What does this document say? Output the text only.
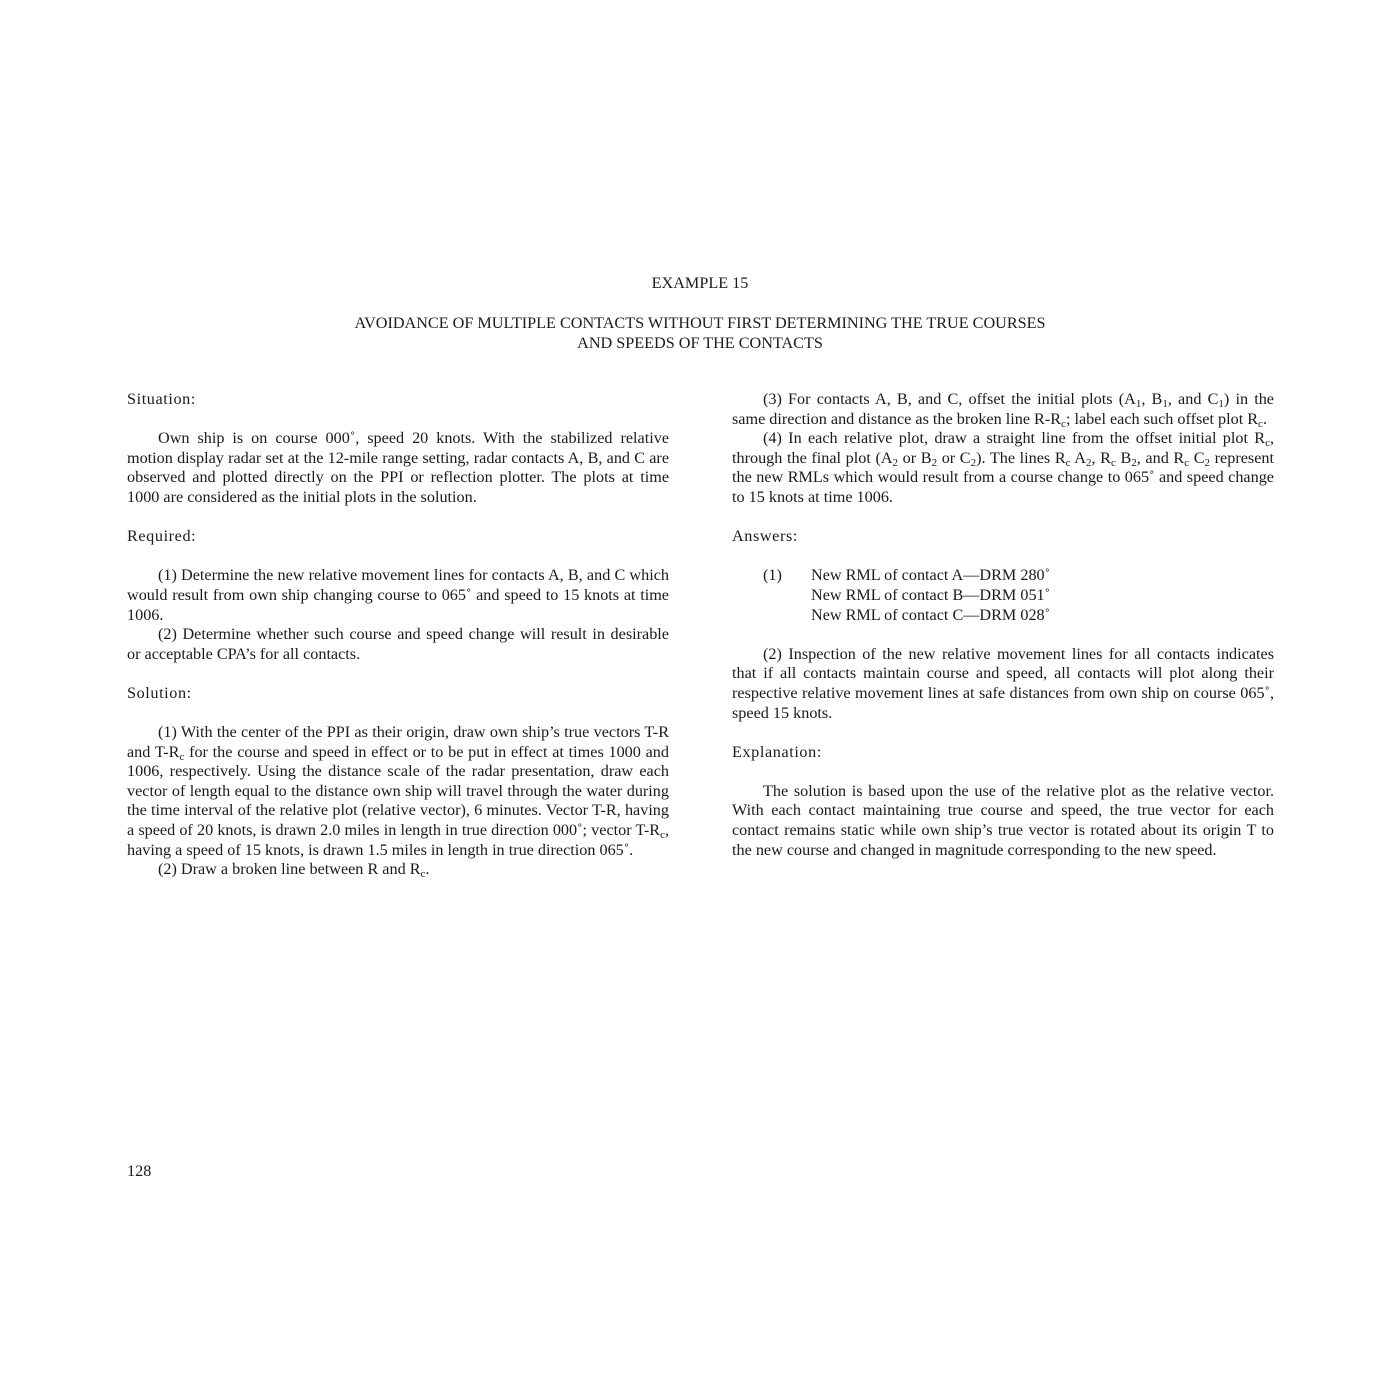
EXAMPLE 15
AVOIDANCE OF MULTIPLE CONTACTS WITHOUT FIRST DETERMINING THE TRUE COURSES
AND SPEEDS OF THE CONTACTS

Situation:

Own ship is on course 000˚, speed 20 knots. With the stabilized relative motion display radar set at the 12-mile range setting, radar contacts A, B, and C are observed and plotted directly on the PPI or reflection plotter. The plots at time 1000 are considered as the initial plots in the solution.

Required:

(1) Determine the new relative movement lines for contacts A, B, and C which would result from own ship changing course to 065˚ and speed to 15 knots at time 1006.

(2) Determine whether such course and speed change will result in desirable or acceptable CPA’s for all contacts.

Solution:

(1) With the center of the PPI as their origin, draw own ship’s true vectors T-R and $T-R_c$ for the course and speed in effect or to be put in effect at times 1000 and 1006, respectively. Using the distance scale of the radar presentation, draw each vector of length equal to the distance own ship will travel through the water during the time interval of the relative plot (relative vector), 6 minutes. Vector T-R, having a speed of 20 knots, is drawn 2.0 miles in length in true direction 000˚; vector $T-R_c$, having a speed of 15 knots, is drawn 1.5 miles in length in true direction 065˚.

(2) Draw a broken line between R and $R_c$.

(3) For contacts A, B, and C, offset the initial plots ($A_1$, $B_1$, and $C_1$) in the same direction and distance as the broken line $R-R_c$; label each such offset plot $R_c$.

(4) In each relative plot, draw a straight line from the offset initial plot $R_c$, through the final plot ($A_2$ or $B_2$ or $C_2$). The lines $R_c$ $A_2$, $R_c$ $B_2$, and $R_c$ $C_2$ represent the new RMLs which would result from a course change to 065˚ and speed change to 15 knots at time 1006.

Answers:

(1)	New RML of contact A—DRM 280˚
New RML of contact B—DRM 051˚
New RML of contact C—DRM 028˚

(2) Inspection of the new relative movement lines for all contacts indicates that if all contacts maintain course and speed, all contacts will plot along their respective relative movement lines at safe distances from own ship on course 065˚, speed 15 knots.

Explanation:

The solution is based upon the use of the relative plot as the relative vector. With each contact maintaining true course and speed, the true vector for each contact remains static while own ship’s true vector is rotated about its origin T to the new course and changed in magnitude corresponding to the new speed.

128
